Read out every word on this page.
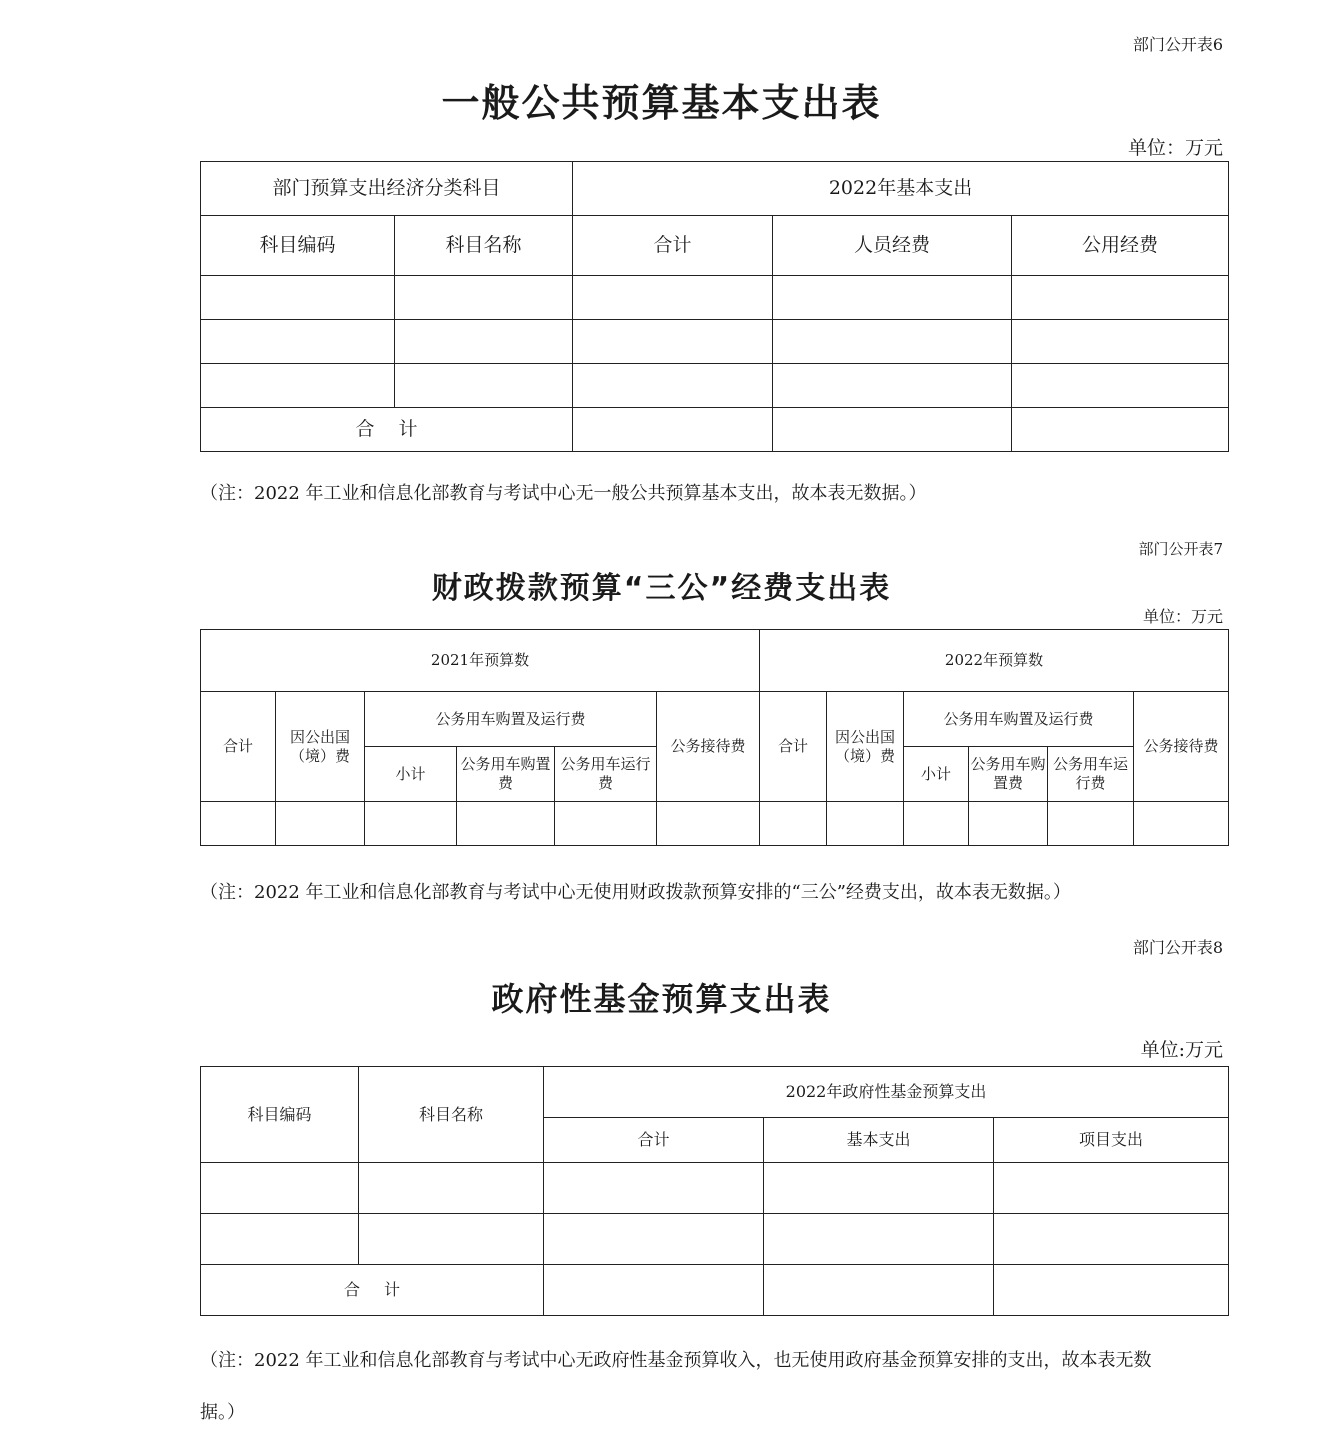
部门公开表6
一般公共预算基本支出表
单位：万元
部门预算支出经济分类科目		2022年基本支出		
科目编码	科目名称	合计	人员经费	公用经费

合 计				
（注：2022 年工业和信息化部教育与考试中心无一般公共预算基本支出，故本表无数据。）
部门公开表7
财政拨款预算“三公”经费支出表
单位：万元
2021年预算数						2022年预算数					
合计	因公出国（境）费	公务用车购置及运行费			公务接待费	合计	因公出国（境）费	公务用车购置及运行费			公务接待费
		小计	公务用车购置费	公务用车运行费				小计	公务用车购置费	公务用车运行费	

（注：2022 年工业和信息化部教育与考试中心无使用财政拨款预算安排的“三公”经费支出，故本表无数据。）
部门公开表8
政府性基金预算支出表
单位:万元
科目编码	科目名称	2022年政府性基金预算支出		
		合计	基本支出	项目支出

合 计				
（注：2022 年工业和信息化部教育与考试中心无政府性基金预算收入，也无使用政府基金预算安排的支出，故本表无数
据。）
